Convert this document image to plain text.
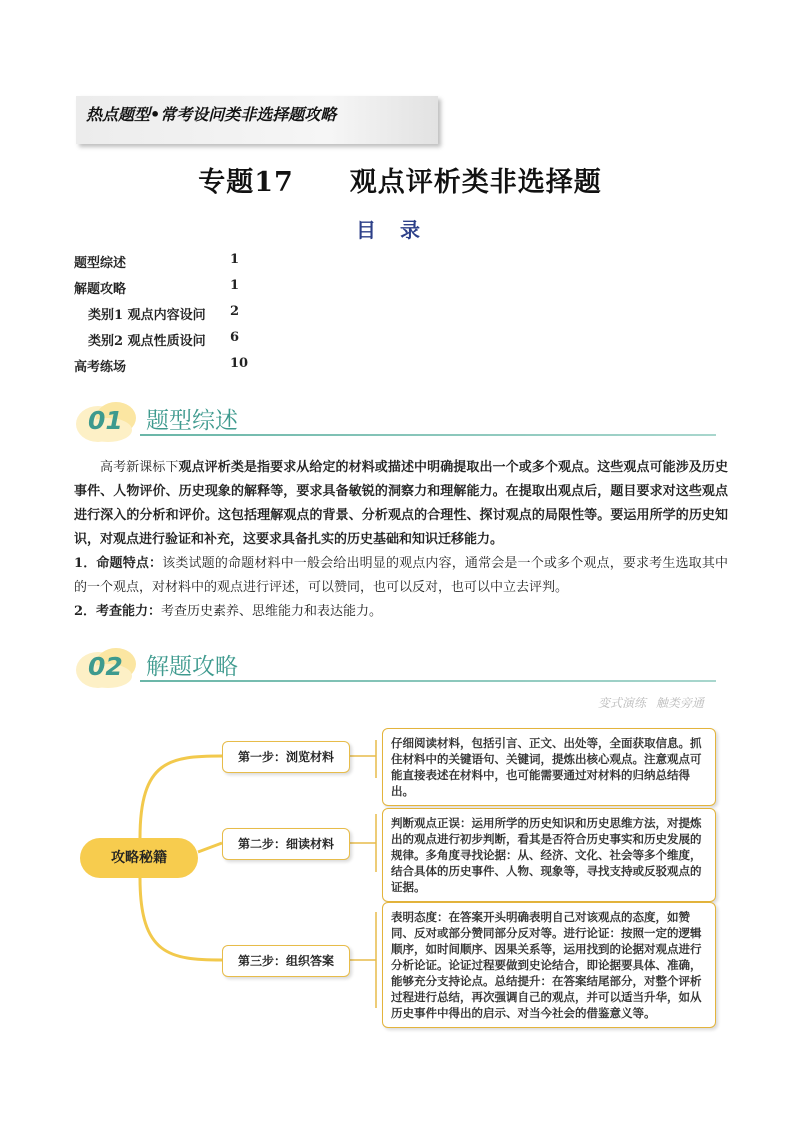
热点题型•常考设问类非选择题攻略
专题17　　观点评析类非选择题
目录
题型综述	1
解题攻略	1
类别1 观点内容设问 2
类别2 观点性质设问 6
高考练场	10
01 题型综述
高考新课标下观点评析类是指要求从给定的材料或描述中明确提取出一个或多个观点。这些观点可能涉及历史事件、人物评价、历史现象的解释等，要求具备敏锐的洞察力和理解能力。在提取出观点后，题目要求对这些观点进行深入的分析和评价。这包括理解观点的背景、分析观点的合理性、探讨观点的局限性等。要运用所学的历史知识，对观点进行验证和补充，这要求具备扎实的历史基础和知识迁移能力。
1．命题特点：该类试题的命题材料中一般会给出明显的观点内容，通常会是一个或多个观点，要求考生选取其中的一个观点，对材料中的观点进行评述，可以赞同，也可以反对，也可以中立去评判。
2．考查能力：考查历史素养、思维能力和表达能力。
02 解题攻略
变式演练 触类旁通
攻略秘籍
第一步：浏览材料
第二步：细读材料
第三步：组织答案
仔细阅读材料，包括引言、正文、出处等，全面获取信息。抓住材料中的关键语句、关键词，提炼出核心观点。注意观点可能直接表述在材料中，也可能需要通过对材料的归纳总结得出。
判断观点正误：运用所学的历史知识和历史思维方法，对提炼出的观点进行初步判断，看其是否符合历史事实和历史发展的规律。多角度寻找论据：从、经济、文化、社会等多个维度，结合具体的历史事件、人物、现象等，寻找支持或反驳观点的证据。
表明态度：在答案开头明确表明自己对该观点的态度，如赞同、反对或部分赞同部分反对等。进行论证：按照一定的逻辑顺序，如时间顺序、因果关系等，运用找到的论据对观点进行分析论证。论证过程要做到史论结合，即论据要具体、准确，能够充分支持论点。总结提升：在答案结尾部分，对整个评析过程进行总结，再次强调自己的观点，并可以适当升华，如从历史事件中得出的启示、对当今社会的借鉴意义等。
